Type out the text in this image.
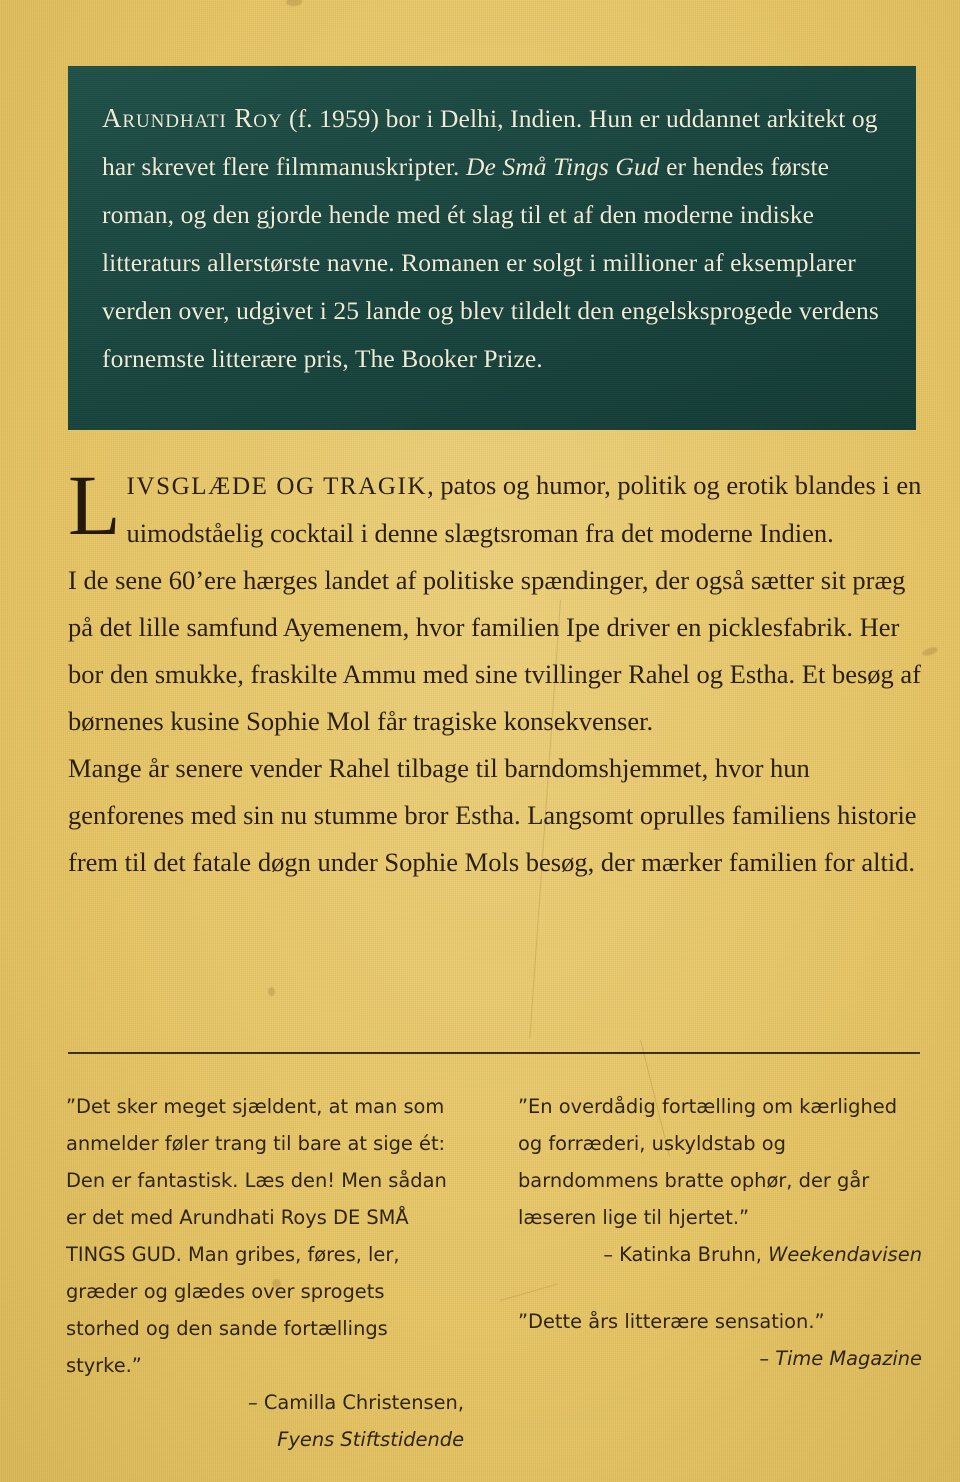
Arundhati Roy (f. 1959) bor i Delhi, Indien. Hun er uddannet arkitekt og har skrevet flere filmmanuskripter. De Små Tings Gud er hendes første roman, og den gjorde hende med ét slag til et af den moderne indiske litteraturs allerstørste navne. Romanen er solgt i millioner af eksemplarer verden over, udgivet i 25 lande og blev tildelt den engelsksprogede verdens fornemste litterære pris, The Booker Prize.

LIVSGLÆDE OG TRAGIK, patos og humor, politik og erotik blandes i en uimodståelig cocktail i denne slægtsroman fra det moderne Indien.

I de sene 60’ere hærges landet af politiske spændinger, der også sætter sit præg på det lille samfund Ayemenem, hvor familien Ipe driver en picklesfabrik. Her bor den smukke, fraskilte Ammu med sine tvillinger Rahel og Estha. Et besøg af børnenes kusine Sophie Mol får tragiske konsekvenser.

Mange år senere vender Rahel tilbage til barndomshjemmet, hvor hun genforenes med sin nu stumme bror Estha. Langsomt oprulles familiens historie frem til det fatale døgn under Sophie Mols besøg, der mærker familien for altid.

”Det sker meget sjældent, at man som anmelder føler trang til bare at sige ét: Den er fantastisk. Læs den! Men sådan er det med Arundhati Roys DE SMÅ TINGS GUD. Man gribes, føres, ler, græder og glædes over sprogets storhed og den sande fortællings styrke.”

– Camilla Christensen,

Fyens Stiftstidende

”En overdådig fortælling om kærlighed og forræderi, uskyldstab og barndommens bratte ophør, der går læseren lige til hjertet.”

– Katinka Bruhn, Weekendavisen

”Dette års litterære sensation.”

– Time Magazine
